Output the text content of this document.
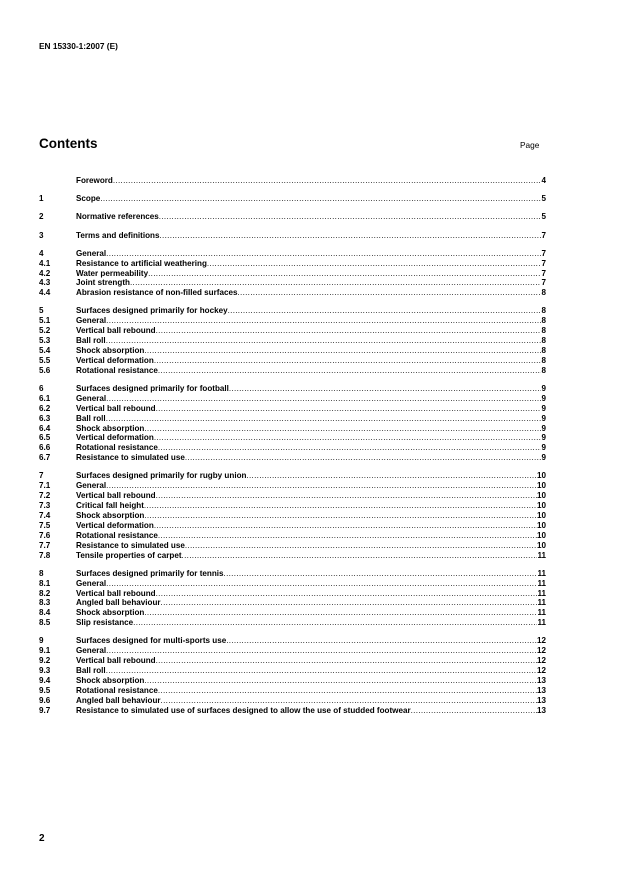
EN 15330-1:2007 (E)
Contents	Page
Foreword .....	4
1	Scope .....	5
2	Normative references .....	5
3	Terms and definitions .....	7
4	General .....	7
4.1	Resistance to artificial weathering .....	7
4.2	Water permeability .....	7
4.3	Joint strength .....	7
4.4	Abrasion resistance of non-filled surfaces .....	8
5	Surfaces designed primarily for hockey .....	8
5.1	General .....	8
5.2	Vertical ball rebound .....	8
5.3	Ball roll .....	8
5.4	Shock absorption .....	8
5.5	Vertical deformation .....	8
5.6	Rotational resistance .....	8
6	Surfaces designed primarily for football .....	9
6.1	General .....	9
6.2	Vertical ball rebound .....	9
6.3	Ball roll .....	9
6.4	Shock absorption .....	9
6.5	Vertical deformation .....	9
6.6	Rotational resistance .....	9
6.7	Resistance to simulated use .....	9
7	Surfaces designed primarily for rugby union .....	10
7.1	General .....	10
7.2	Vertical ball rebound .....	10
7.3	Critical fall height .....	10
7.4	Shock absorption .....	10
7.5	Vertical deformation .....	10
7.6	Rotational resistance .....	10
7.7	Resistance to simulated use .....	10
7.8	Tensile properties of carpet .....	11
8	Surfaces designed primarily for tennis .....	11
8.1	General .....	11
8.2	Vertical ball rebound .....	11
8.3	Angled ball behaviour .....	11
8.4	Shock absorption .....	11
8.5	Slip resistance .....	11
9	Surfaces designed for multi-sports use .....	12
9.1	General .....	12
9.2	Vertical ball rebound .....	12
9.3	Ball roll .....	12
9.4	Shock absorption .....	13
9.5	Rotational resistance .....	13
9.6	Angled ball behaviour .....	13
9.7	Resistance to simulated use of surfaces designed to allow the use of studded footwear .....	13
2
